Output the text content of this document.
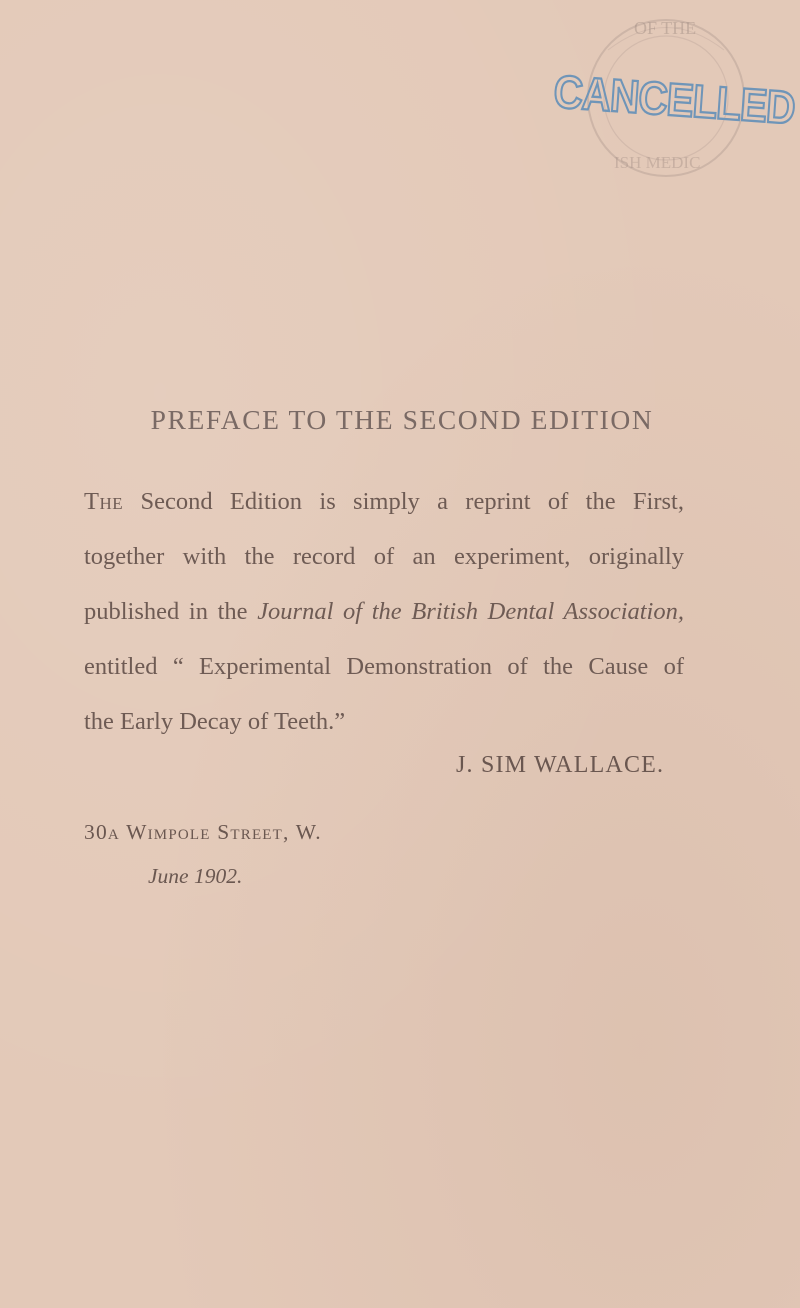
OF THE
ISH MEDIC
CANCELLED
PREFACE TO THE SECOND EDITION
The Second Edition is simply a reprint of the First,
together with the record of an experiment, originally
published in the Journal of the British Dental Association,
entitled “ Experimental Demonstration of the Cause of
the Early Decay of Teeth.”
J. SIM WALLACE.
30a Wimpole Street, W.
June 1902.
